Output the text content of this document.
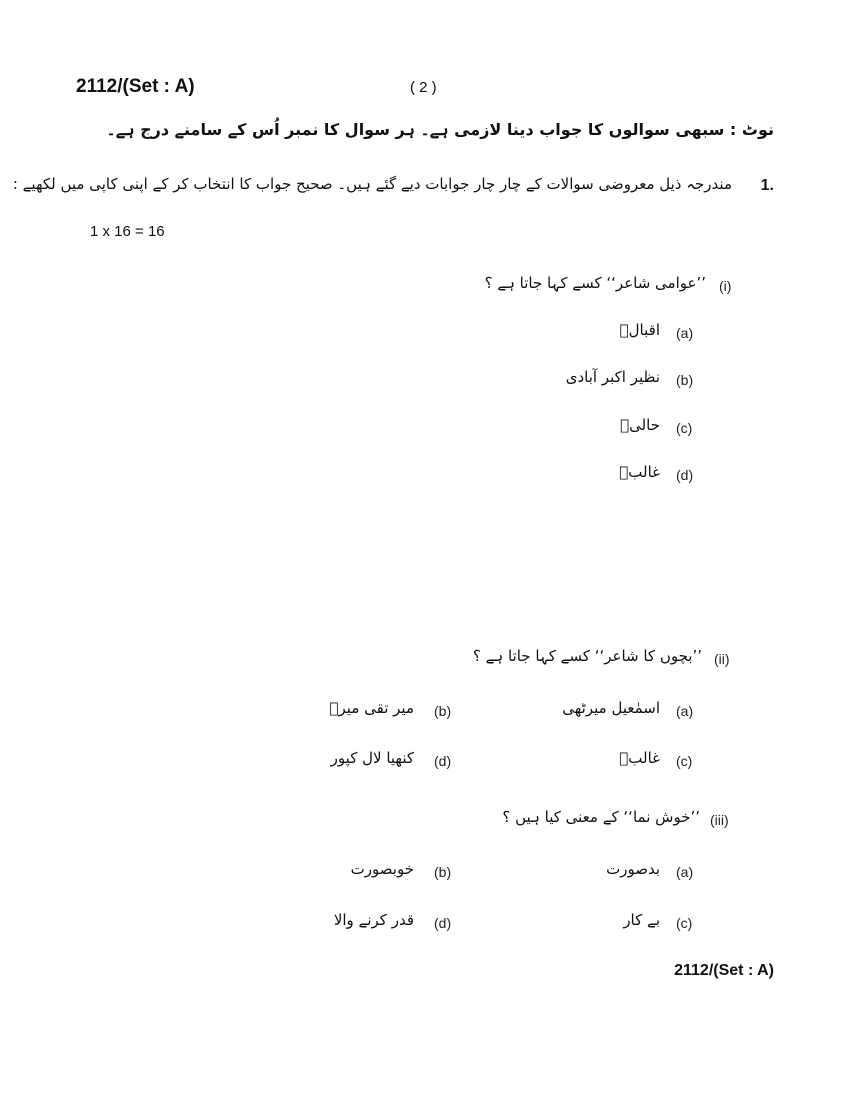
2112/(Set : A)	( 2 )
نوٹ : سبھی سوالوں کا جواب دینا لازمی ہے۔ ہر سوال کا نمبر اُس کے سامنے درج ہے۔
1.
مندرجہ ذیل معروضی سوالات کے چار چار جوابات دیے گئے ہیں۔ صحیح جواب کا انتخاب کر کے اپنی کاپی میں لکھیے :
1 x 16 = 16
(i)
’’عوامی شاعر‘‘ کسے کہا جاتا ہے ؟
(a)
اقبالؔ
(b)
نظیر اکبر آبادی
(c)
حالیؔ
(d)
غالبؔ
(ii)
’’بچوں کا شاعر‘‘ کسے کہا جاتا ہے ؟
(a)
اسمٰعیل میرٹھی
(b)
میر تقی میرؔ
(c)
غالبؔ
(d)
کنھیا لال کپور
(iii)
’’خوش نما‘‘ کے معنی کیا ہیں ؟
(a)
بدصورت
(b)
خوبصورت
(c)
بے کار
(d)
قدر کرنے والا
2112/(Set : A)
